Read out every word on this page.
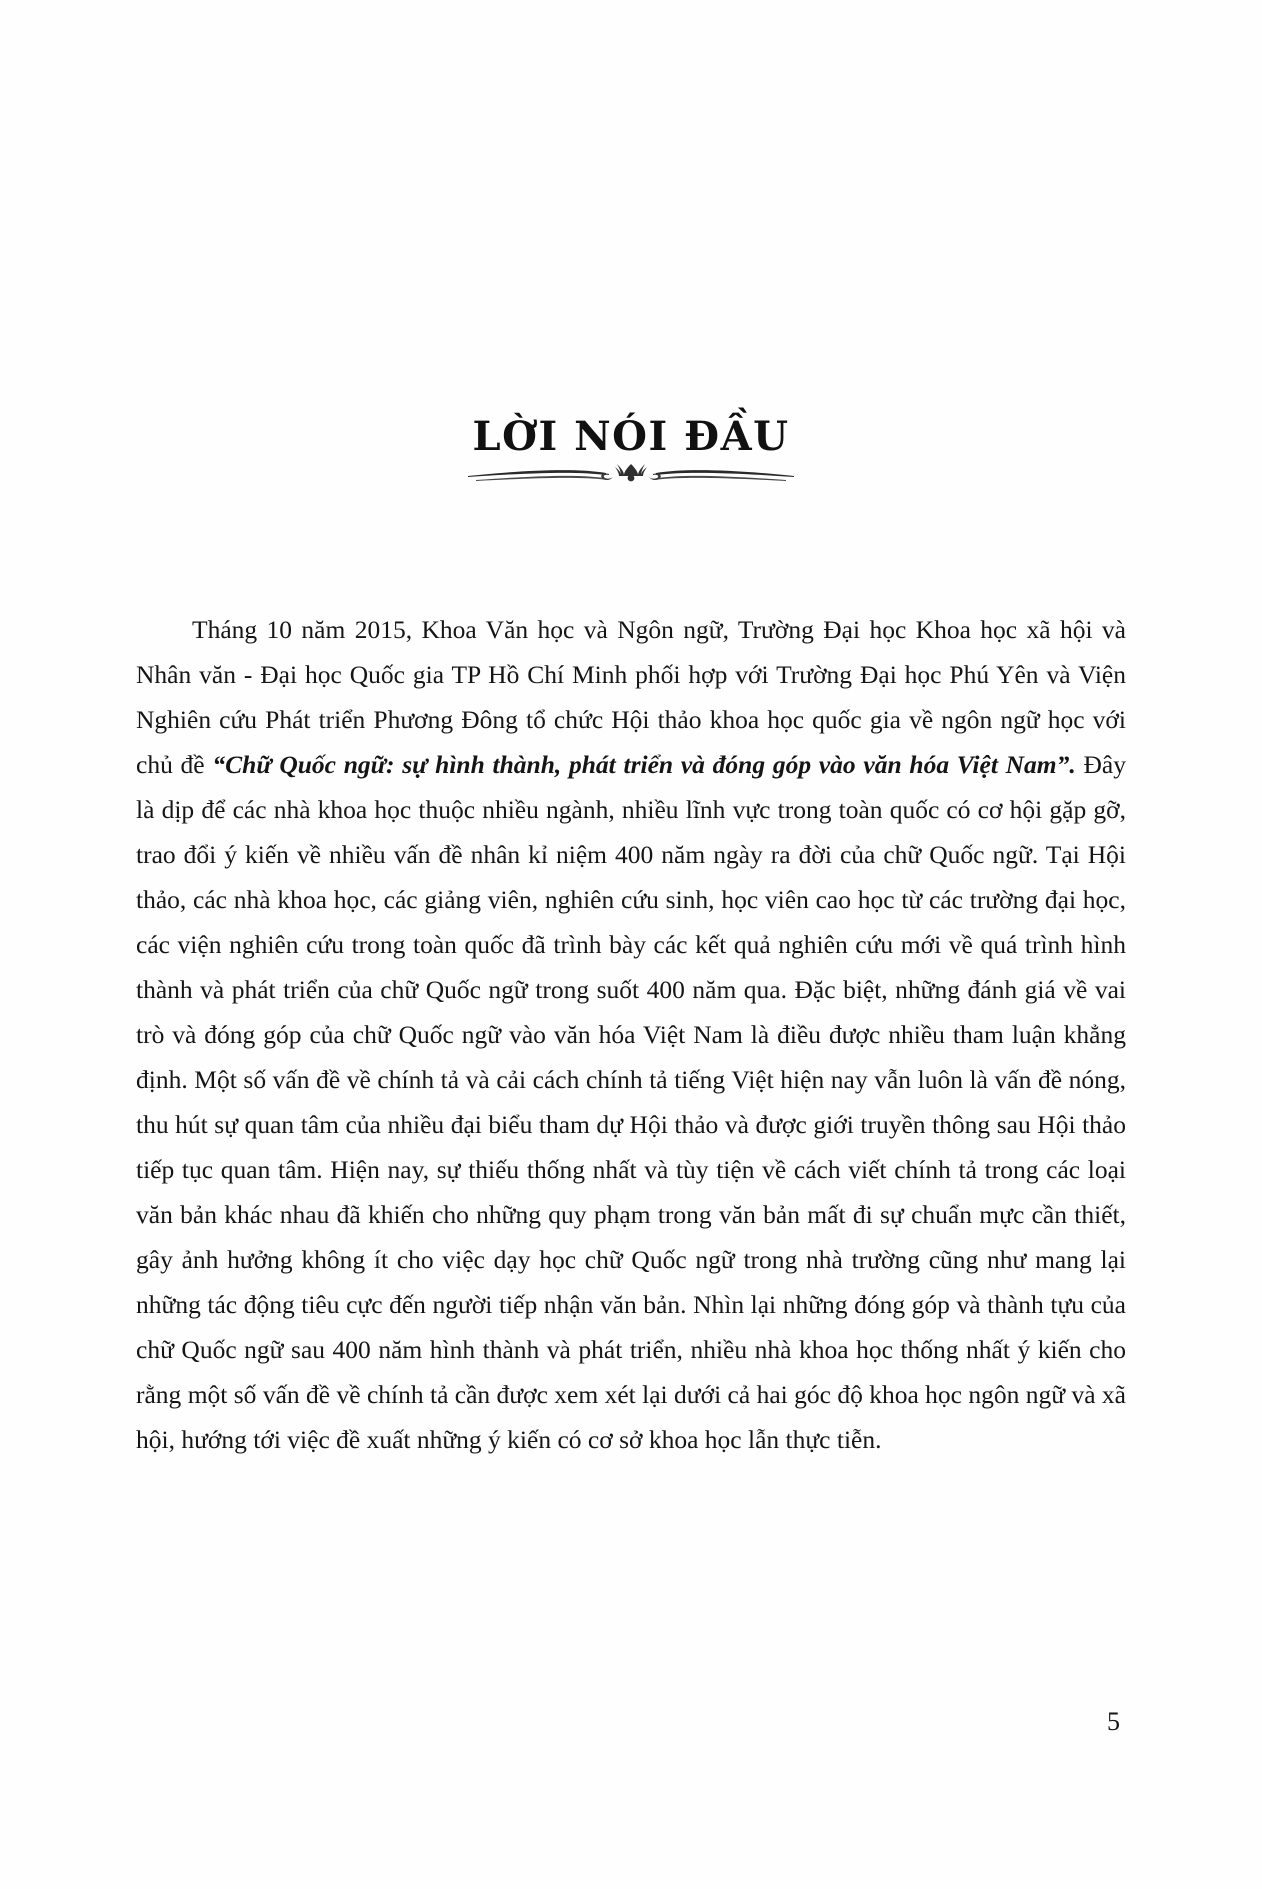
LỜI NÓI ĐẦU

Tháng 10 năm 2015, Khoa Văn học và Ngôn ngữ, Trường Đại học Khoa học xã hội và Nhân văn - Đại học Quốc gia TP Hồ Chí Minh phối hợp với Trường Đại học Phú Yên và Viện Nghiên cứu Phát triển Phương Đông tổ chức Hội thảo khoa học quốc gia về ngôn ngữ học với chủ đề “Chữ Quốc ngữ: sự hình thành, phát triển và đóng góp vào văn hóa Việt Nam”. Đây là dịp để các nhà khoa học thuộc nhiều ngành, nhiều lĩnh vực trong toàn quốc có cơ hội gặp gỡ, trao đổi ý kiến về nhiều vấn đề nhân kỉ niệm 400 năm ngày ra đời của chữ Quốc ngữ. Tại Hội thảo, các nhà khoa học, các giảng viên, nghiên cứu sinh, học viên cao học từ các trường đại học, các viện nghiên cứu trong toàn quốc đã trình bày các kết quả nghiên cứu mới về quá trình hình thành và phát triển của chữ Quốc ngữ trong suốt 400 năm qua. Đặc biệt, những đánh giá về vai trò và đóng góp của chữ Quốc ngữ vào văn hóa Việt Nam là điều được nhiều tham luận khẳng định. Một số vấn đề về chính tả và cải cách chính tả tiếng Việt hiện nay vẫn luôn là vấn đề nóng, thu hút sự quan tâm của nhiều đại biểu tham dự Hội thảo và được giới truyền thông sau Hội thảo tiếp tục quan tâm. Hiện nay, sự thiếu thống nhất và tùy tiện về cách viết chính tả trong các loại văn bản khác nhau đã khiến cho những quy phạm trong văn bản mất đi sự chuẩn mực cần thiết, gây ảnh hưởng không ít cho việc dạy học chữ Quốc ngữ trong nhà trường cũng như mang lại những tác động tiêu cực đến người tiếp nhận văn bản. Nhìn lại những đóng góp và thành tựu của chữ Quốc ngữ sau 400 năm hình thành và phát triển, nhiều nhà khoa học thống nhất ý kiến cho rằng một số vấn đề về chính tả cần được xem xét lại dưới cả hai góc độ khoa học ngôn ngữ và xã hội, hướng tới việc đề xuất những ý kiến có cơ sở khoa học lẫn thực tiễn.

5
